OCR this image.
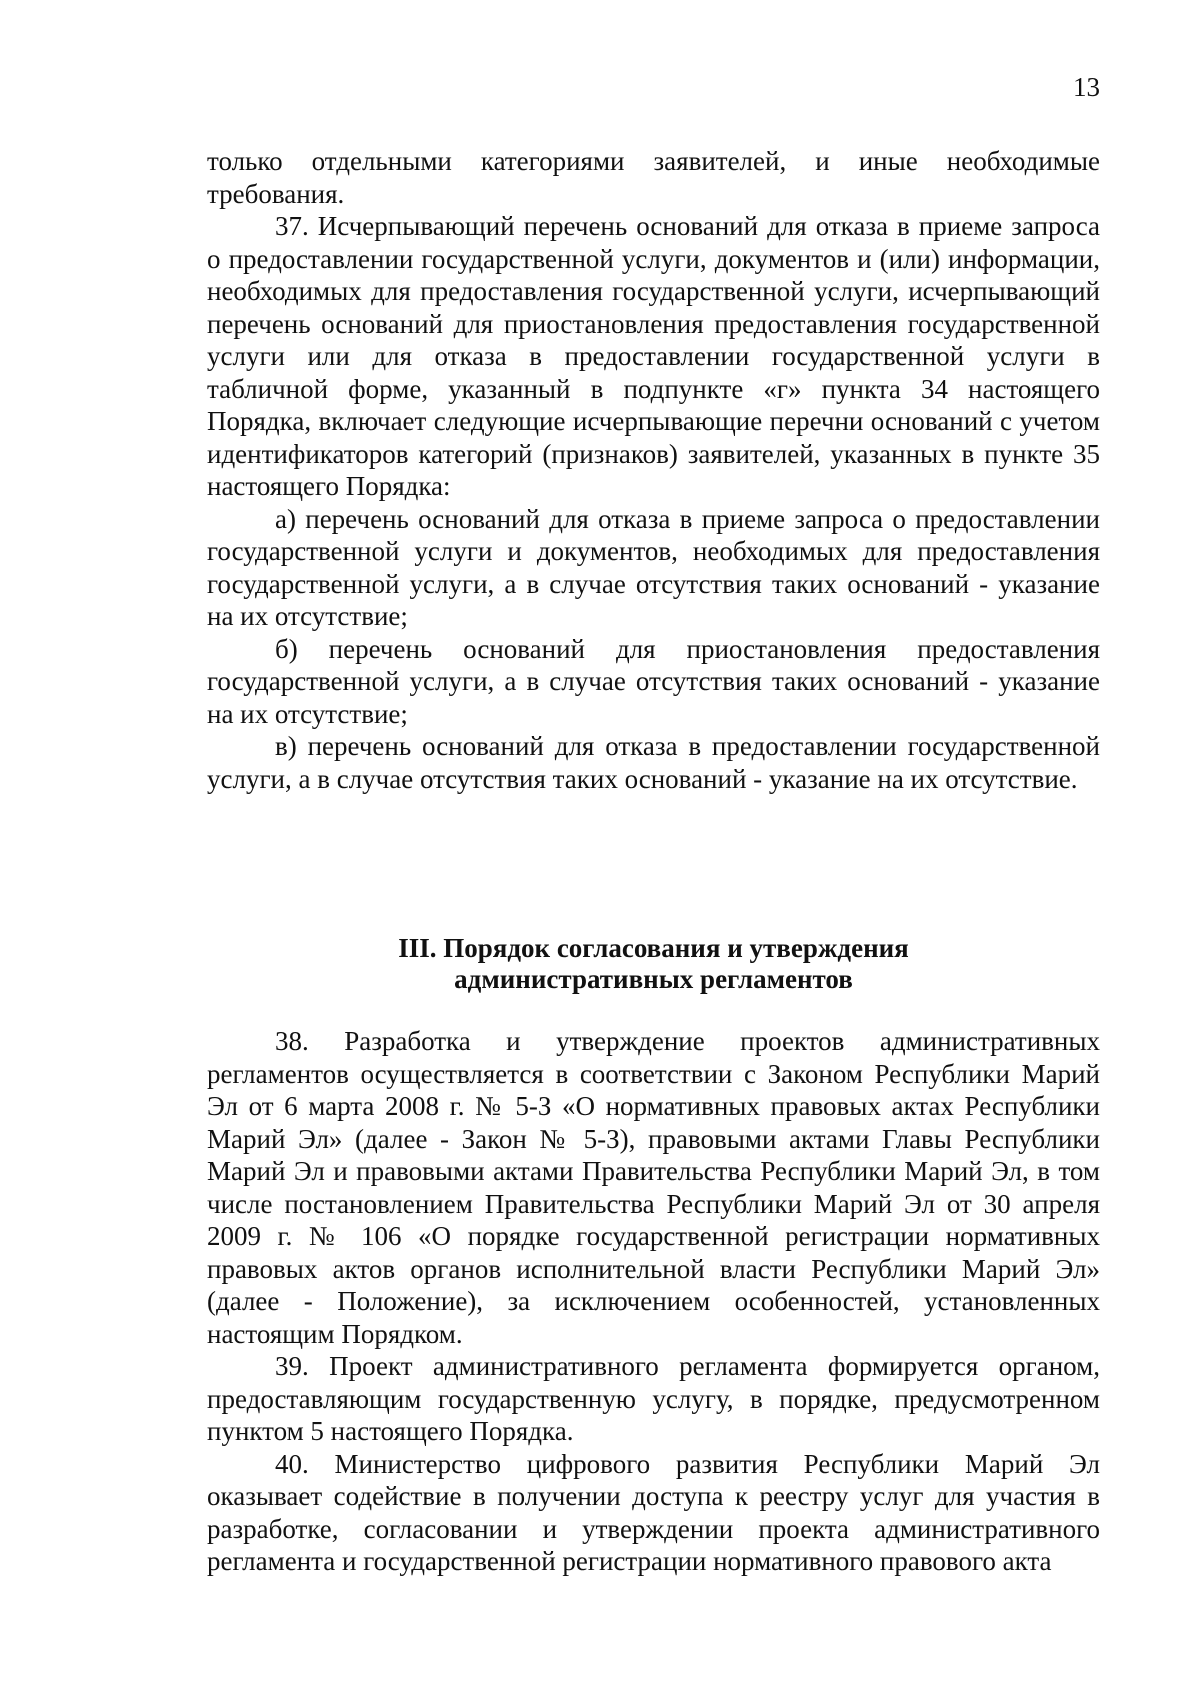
13

только отдельными категориями заявителей, и иные необходимые требования.

37. Исчерпывающий перечень оснований для отказа в приеме запроса о предоставлении государственной услуги, документов и (или) информации, необходимых для предоставления государственной услуги, исчерпывающий перечень оснований для приостановления предоставления государственной услуги или для отказа в предоставлении государственной услуги в табличной форме, указанный в подпункте «г» пункта 34 настоящего Порядка, включает следующие исчерпывающие перечни оснований с учетом идентификаторов категорий (признаков) заявителей, указанных в пункте 35 настоящего Порядка:

а) перечень оснований для отказа в приеме запроса о предоставлении государственной услуги и документов, необходимых для предоставления государственной услуги, а в случае отсутствия таких оснований - указание на их отсутствие;

б) перечень оснований для приостановления предоставления государственной услуги, а в случае отсутствия таких оснований - указание на их отсутствие;

в) перечень оснований для отказа в предоставлении государственной услуги, а в случае отсутствия таких оснований - указание на их отсутствие.

III. Порядок согласования и утверждения
административных регламентов

38. Разработка и утверждение проектов административных регламентов осуществляется в соответствии с Законом Республики Марий Эл от 6 марта 2008 г. № 5-З «О нормативных правовых актах Республики Марий Эл» (далее - Закон № 5-З), правовыми актами Главы Республики Марий Эл и правовыми актами Правительства Республики Марий Эл, в том числе постановлением Правительства Республики Марий Эл от 30 апреля 2009 г. № 106 «О порядке государственной регистрации нормативных правовых актов органов исполнительной власти Республики Марий Эл» (далее - Положение), за исключением особенностей, установленных настоящим Порядком.

39. Проект административного регламента формируется органом, предоставляющим государственную услугу, в порядке, предусмотренном пунктом 5 настоящего Порядка.

40. Министерство цифрового развития Республики Марий Эл оказывает содействие в получении доступа к реестру услуг для участия в разработке, согласовании и утверждении проекта административного регламента и государственной регистрации нормативного правового акта
